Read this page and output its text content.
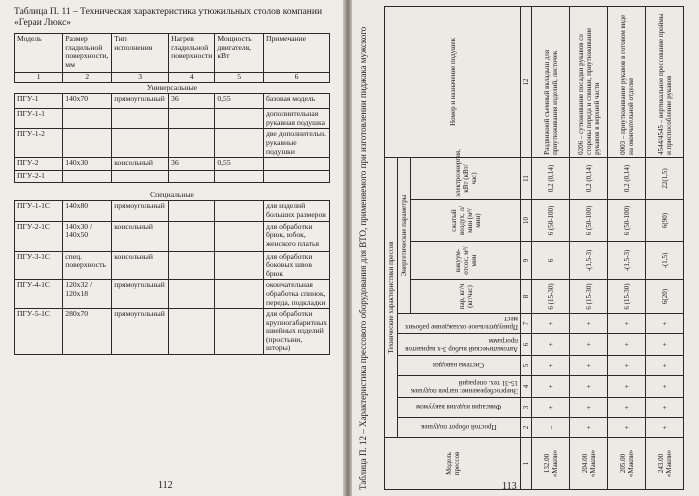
Таблица П. 11 – Техническая характеристика утюжильных столов компании «Гераи Люкс»
Модель	Размер гладильной поверхности, мм	Тип исполнения	Нагрев гладильной поверхности	Мощность двигателя, кВт	Примечание
1	2	3	4	5	6
Универсальные					
ПГУ-1	140х70	прямоугольный	36	0,55	базовая модель
ПГУ-1-1					дополнительная рукавная подушка
ПГУ-1-2					две дополнительн. рукавные подушки
ПГУ-2	140х30	консольный	36	0,55	
ПГУ-2-1					
Специальные					
ПГУ-1-1С	140х80	прямоугольный			для изделий больших размеров
ПГУ-2-1С	140х30 / 140х50	консольный			для обработки брюк, юбок, женского платья
ПГУ-3-1С	спец. поверхность	консольный			для обработки боковых швов брюк
ПГУ-4-1С	120х32 / 120х18	прямоугольный			окончательная обработка спинок, переда, подкладки
ПГУ-5-1С	280х70	прямоугольный			для обработки крупногабаритных швейных изделий (простыни, шторы)
112	113
Таблица П. 12 – Характеристика прессового оборудования для ВТО, применяемого при изготовлении пиджака мужского	Модель прессов	Технические характеристики прессов										Номер и назначение подушек

	Простой оборот подушек	Фиксация изделия вакуумом	Энергосбережение: нагрев подушек 15-31 тех. операций	Система наводки	Автоматический выбор 3-х вариантов программ	Принудительное охлаждение рабочих мест	Энергетические параметры				
							пар, кг/ч (кг/час)	вакуум-отсос, м³/мин	сжатый воздух, л/мин (м³/мин)	электроэнергия, кВт (кВт/час)	
1	2	3	4	5	6	7	8	9	10	11	12
132.00 «Макпи»	–	+	+	+	+	+	6 (15-30)	6	6 (50-100)	0,2 (0,14)	Раздвижной съемный вкладыш для приутюживания изделий, листочек
204.00 «Макпи»	+	+	+	+	+	+	6 (15-30)	-(1,5-3)	6 (50-100)	0,2 (0,14)	0206 – сутюживание посадки рукавов со стороны переда и спинки, приутюживание рукавов в верхней части
205.00 «Макпи»	+	+	+	+	+	+	6 (15-30)	-(1,5-3)	6 (50-100)	0,2 (0,14)	0003 – приутюживание рукавов в готовом виде на окончательной отделке
243.00 «Макпи»	+	+	+	+	+	+	6(20)	-(1,5)	6(90)	22(1,5)	4544/4545 – вертикальное прессование проймы и приспособление рукавов
